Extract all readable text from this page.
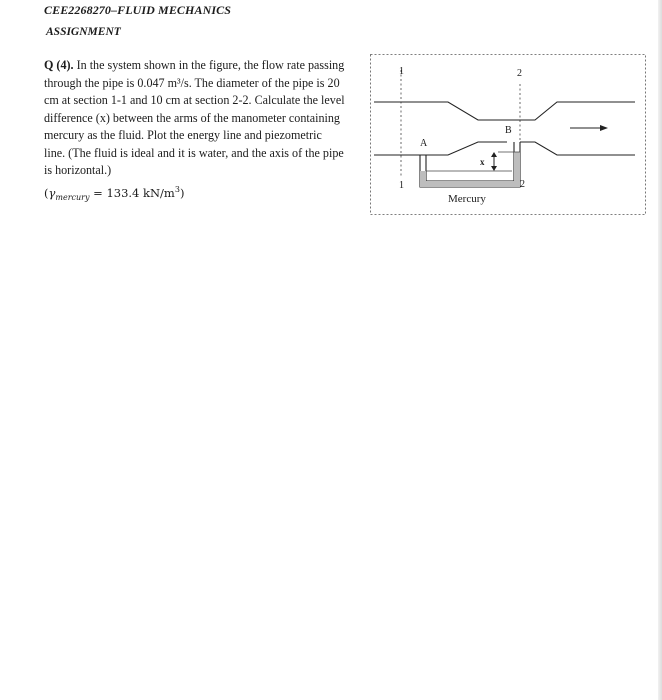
CEE2268270–FLUID MECHANICS
ASSIGNMENT
Q (4). In the system shown in the figure, the flow rate passing
through the pipe is 0.047 m³/s. The diameter of the pipe is 20
cm at section 1-1 and 10 cm at section 2-2. Calculate the level
difference (x) between the arms of the manometer containing
mercury as the fluid. Plot the energy line and piezometric
line. (The fluid is ideal and it is water, and the axis of the pipe
is horizontal.)
($\gamma_{mercury} = 133.4$ $kN/m^3$)
1
1
2
2
A
B
x
Mercury
